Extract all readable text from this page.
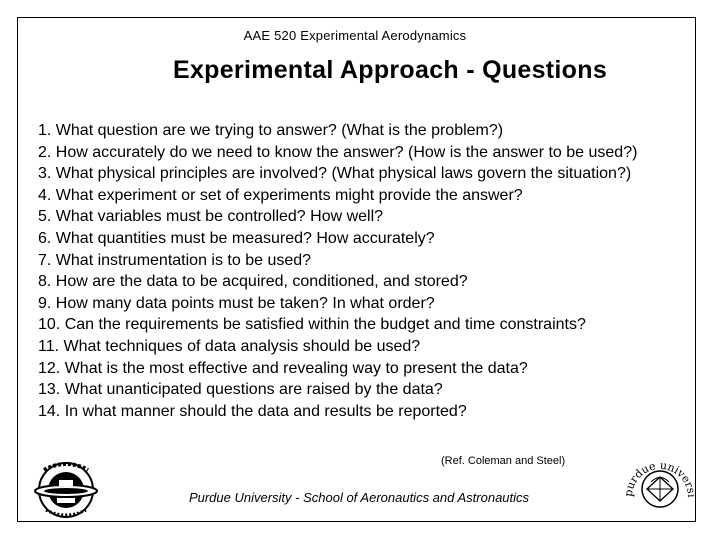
AAE 520 Experimental Aerodynamics
Experimental Approach - Questions
1. What question are we trying to answer? (What is the problem?)
2. How accurately do we need to know the answer? (How is the answer to be used?)
3. What physical principles are involved? (What physical laws govern the situation?)
4. What experiment or set of experiments might provide the answer?
5. What variables must be controlled? How well?
6. What quantities must be measured? How accurately?
7. What instrumentation is to be used?
8. How are the data to be acquired, conditioned, and stored?
9. How many data points must be taken? In what order?
10. Can the requirements be satisfied within the budget and time constraints?
11. What techniques of data analysis should be used?
12. What is the most effective and revealing way to present the data?
13. What unanticipated questions are raised by the data?
14. In what manner should the data and results be reported?
(Ref. Coleman and Steel)
Purdue University - School of Aeronautics and Astronautics	purdue universi
